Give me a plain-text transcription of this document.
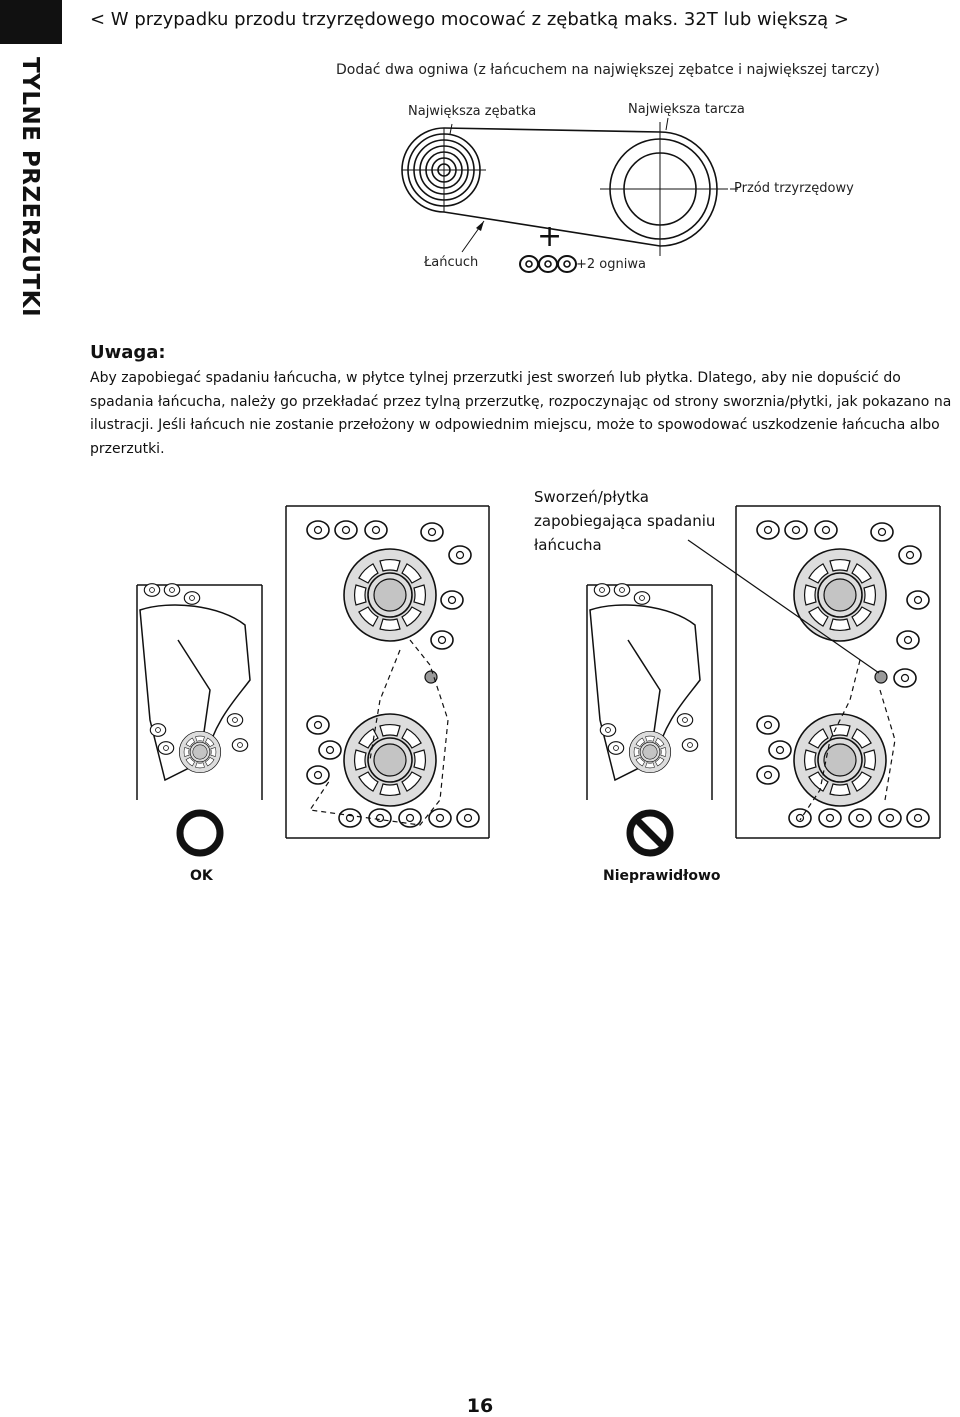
TYLNE PRZERZUTKI
< W przypadku przodu trzyrzędowego mocować z zębatką maks. 32T lub większą >
Dodać dwa ogniwa (z łańcuchem na największej zębatce i największej tarczy)
Największa zębatka	Największa tarcza
Przód trzyrzędowy
Łańcuch	+2 ogniwa
+
Uwaga:
Aby zapobiegać spadaniu łańcucha, w płytce tylnej przerzutki jest sworzeń lub płytka. Dlatego, aby nie dopuścić do spadania łańcucha, należy go przekładać przez tylną przerzutkę, rozpoczynając od strony sworznia/płytki, jak pokazano na ilustracji. Jeśli łańcuch nie zostanie przełożony w odpowiednim miejscu, może to spowodować uszkodzenie łańcucha albo przerzutki.
Sworzeń/płytka
zapobiegająca spadaniu
łańcucha
OK	Nieprawidłowo
16
